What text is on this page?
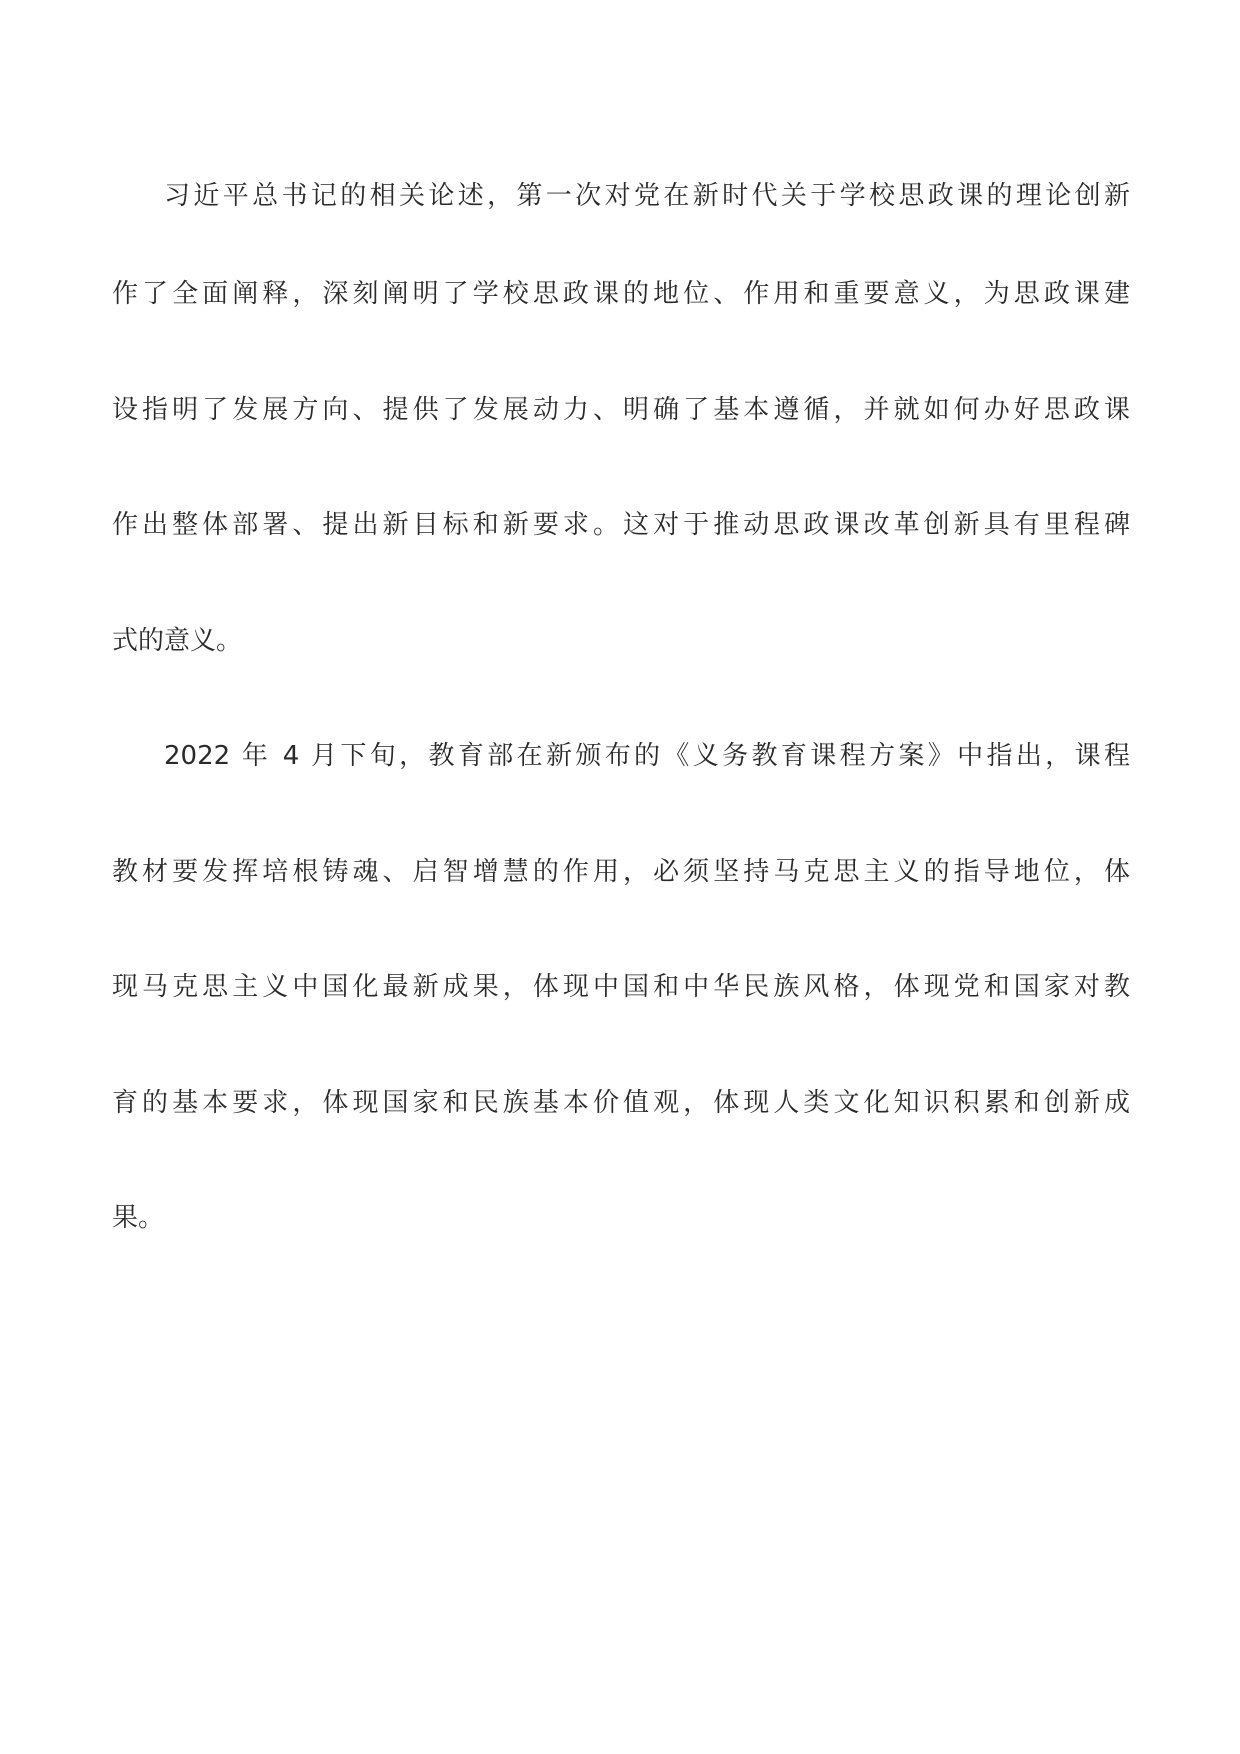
习近平总书记的相关论述，第一次对党在新时代关于学校思政课的理论创新
作了全面阐释，深刻阐明了学校思政课的地位、作用和重要意义，为思政课建
设指明了发展方向、提供了发展动力、明确了基本遵循，并就如何办好思政课
作出整体部署、提出新目标和新要求。这对于推动思政课改革创新具有里程碑
式的意义。
2022 年 4 月下旬，教育部在新颁布的《义务教育课程方案》中指出，课程
教材要发挥培根铸魂、启智增慧的作用，必须坚持马克思主义的指导地位，体
现马克思主义中国化最新成果，体现中国和中华民族风格，体现党和国家对教
育的基本要求，体现国家和民族基本价值观，体现人类文化知识积累和创新成
果。
